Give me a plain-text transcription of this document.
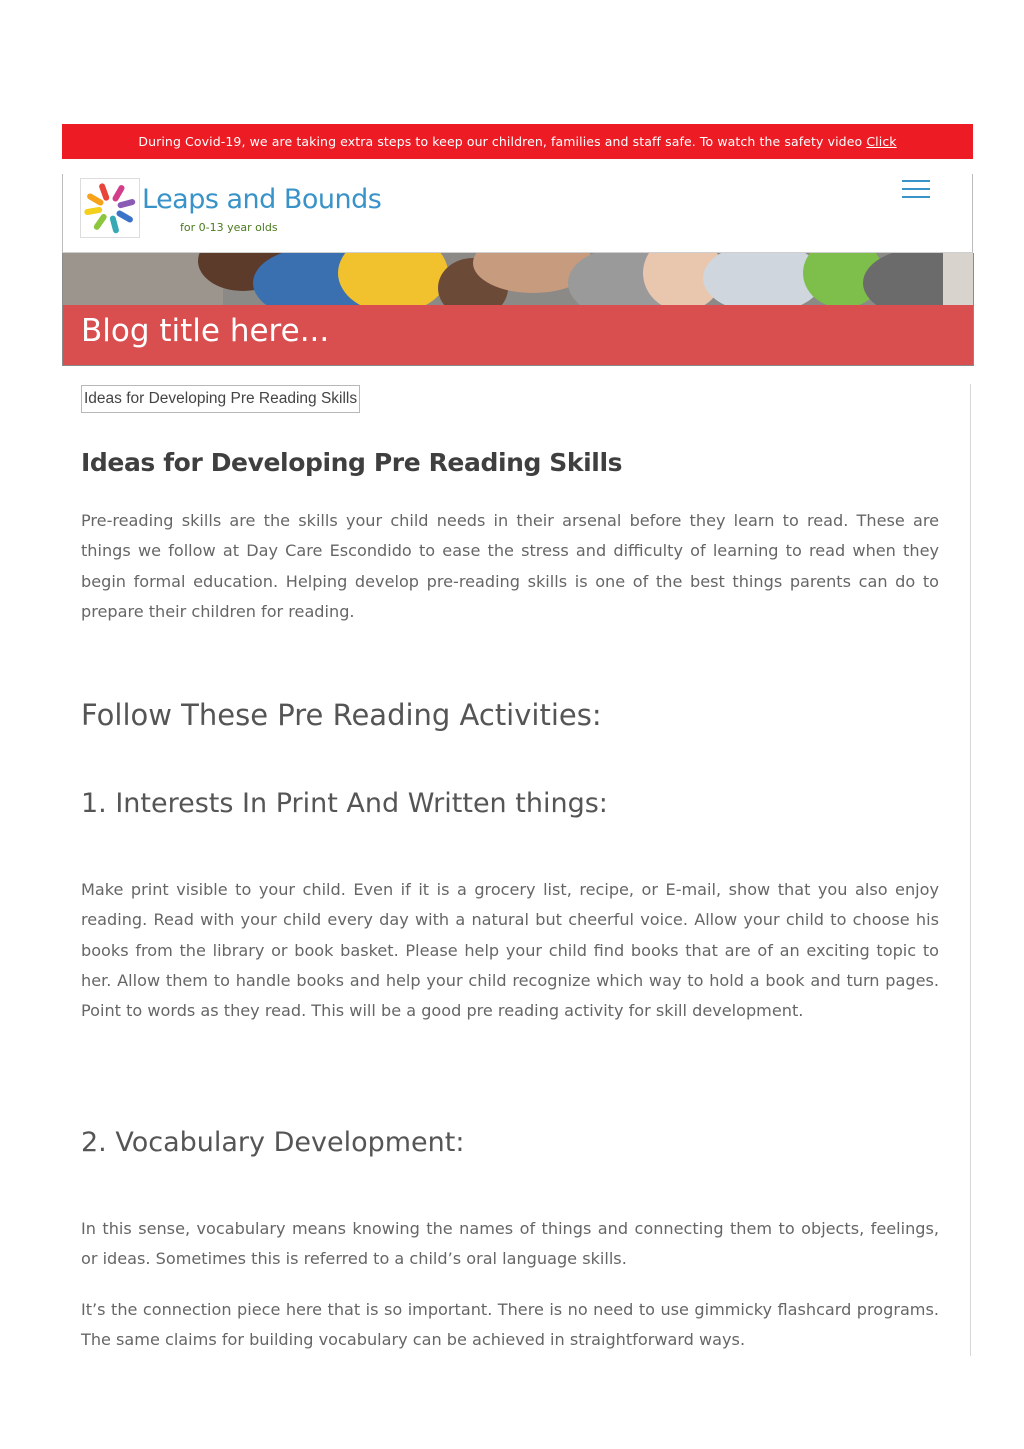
During Covid-19, we are taking extra steps to keep our children, families and staff safe. To watch the safety video Click
Leaps and Bounds
for 0-13 year olds
Blog title here...
Ideas for Developing Pre Reading Skills
Ideas for Developing Pre Reading Skills

Pre-reading skills are the skills your child needs in their arsenal before they learn to read. These are things we follow at Day Care Escondido to ease the stress and difficulty of learning to read when they begin formal education. Helping develop pre-reading skills is one of the best things parents can do to prepare their children for reading.

Follow These Pre Reading Activities:
1. Interests In Print And Written things:

Make print visible to your child. Even if it is a grocery list, recipe, or E-mail, show that you also enjoy reading. Read with your child every day with a natural but cheerful voice. Allow your child to choose his books from the library or book basket. Please help your child find books that are of an exciting topic to her. Allow them to handle books and help your child recognize which way to hold a book and turn pages. Point to words as they read. This will be a good pre reading activity for skill development.

2. Vocabulary Development:

In this sense, vocabulary means knowing the names of things and connecting them to objects, feelings, or ideas. Sometimes this is referred to a child’s oral language skills.

It’s the connection piece here that is so important. There is no need to use gimmicky flashcard programs. The same claims for building vocabulary can be achieved in straightforward ways.
